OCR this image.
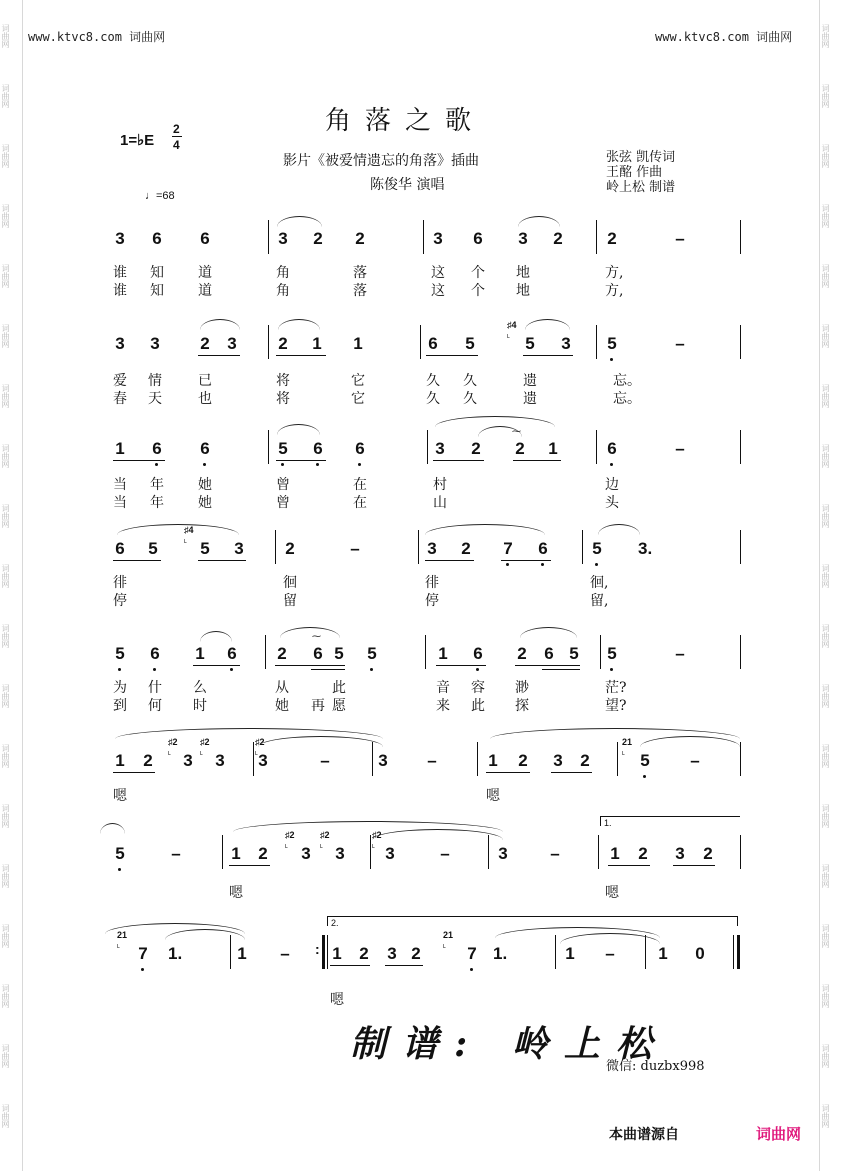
词曲网
词曲网
词曲网
词曲网
词曲网
词曲网
词曲网
词曲网
词曲网
词曲网
词曲网
词曲网
词曲网
词曲网
词曲网
词曲网
词曲网
词曲网
词曲网
词曲网
词曲网
词曲网
词曲网
词曲网
词曲网
词曲网
词曲网
词曲网
词曲网
词曲网
词曲网
词曲网
词曲网
词曲网
词曲网
词曲网
词曲网
词曲网
www.ktvc8.com 词曲网	www.ktvc8.com 词曲网
角落之歌
1=♭E
2
4
影片《被爱情遗忘的角落》插曲
陈俊华 演唱
张弦 凯传词
王酩 作曲
岭上松 制谱
♩=68
3 6 6	3 2 2	3 6 3 2	2	–
谁 知 道	角	落	这 个 地	方,
谁 知 道	角	落	这 个 地	方,
3 3 2 3 2 1 1	6 5	5 3 5	–
♯4
˪
爱 情	已	将	它	久 久	遗	忘。
春 天	也	将	它	久 久	遗	忘。
1 6 6	5 6 6	3 2 2 1	6	–
⁓
当 年 她	曾	在	村	边
当 年 她	曾	在	山	头
6 5	5 3 2	–	3 2 7 6	5 3.
♯4
˪
徘	徊	徘	徊,
停	留	停	留,
5 6 1 6 2 6 5 5	1 6 2 6 5 5	–
⁓
为 什 么	从	此	音 容 渺	茫?
到 何 时	她 再 愿	来 此 探	望?
1 2 3 3 3	–	3 –	1 2 3 2	5 –
♯2
˪
♯2
˪
♯2
˪
21
˪
嗯	嗯
5	–	1 2 3 3 3	–	3	–	1 2 3 2
♯2
˪
♯2
˪
♯2
˪
1.
嗯	嗯
7 1.	1 –	1 2 3 2	7 1.	1 –	1 0
:
21
˪
21
˪
2.
嗯
制谱: 岭上松
微信: duzbx998
本曲谱源自	词曲网
